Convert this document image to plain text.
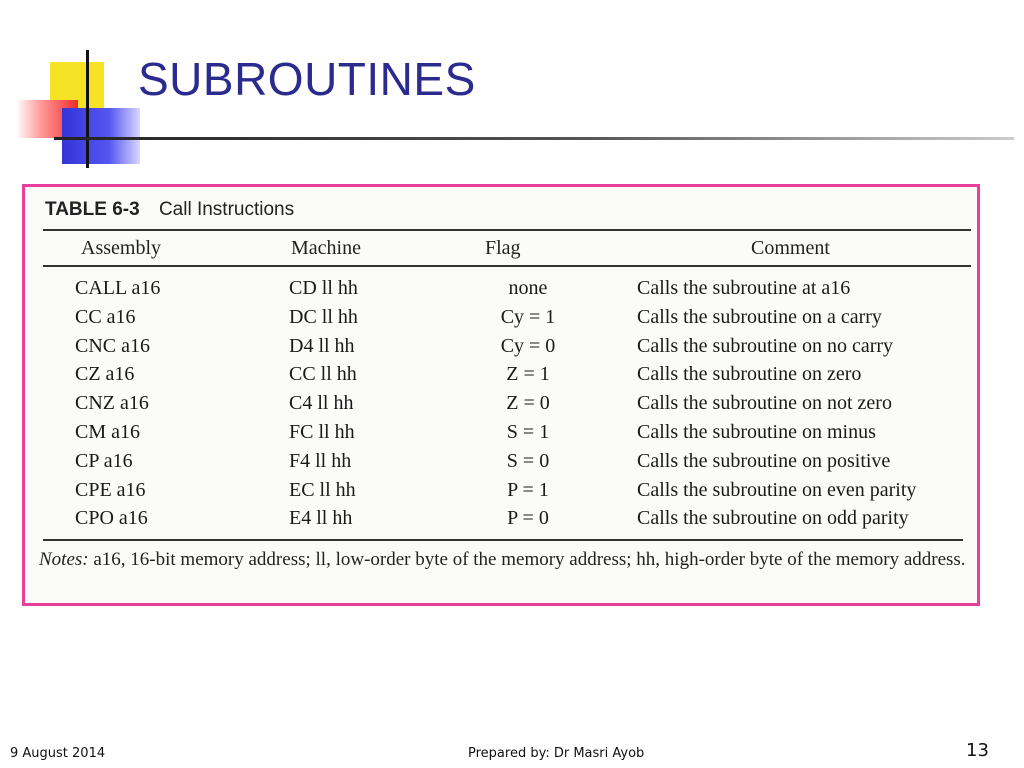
SUBROUTINES
TABLE 6-3 Call Instructions
Assembly	Machine	Flag	Comment
CALL a16	CD ll hh	none	Calls the subroutine at a16
CC a16	DC ll hh	Cy = 1	Calls the subroutine on a carry
CNC a16	D4 ll hh	Cy = 0	Calls the subroutine on no carry
CZ a16	CC ll hh	Z = 1	Calls the subroutine on zero
CNZ a16	C4 ll hh	Z = 0	Calls the subroutine on not zero
CM a16	FC ll hh	S = 1	Calls the subroutine on minus
CP a16	F4 ll hh	S = 0	Calls the subroutine on positive
CPE a16	EC ll hh	P = 1	Calls the subroutine on even parity
CPO a16	E4 ll hh	P = 0	Calls the subroutine on odd parity
Notes: a16, 16-bit memory address; ll, low-order byte of the memory address; hh, high-order byte of the memory address.
9 August 2014	Prepared by: Dr Masri Ayob	13
